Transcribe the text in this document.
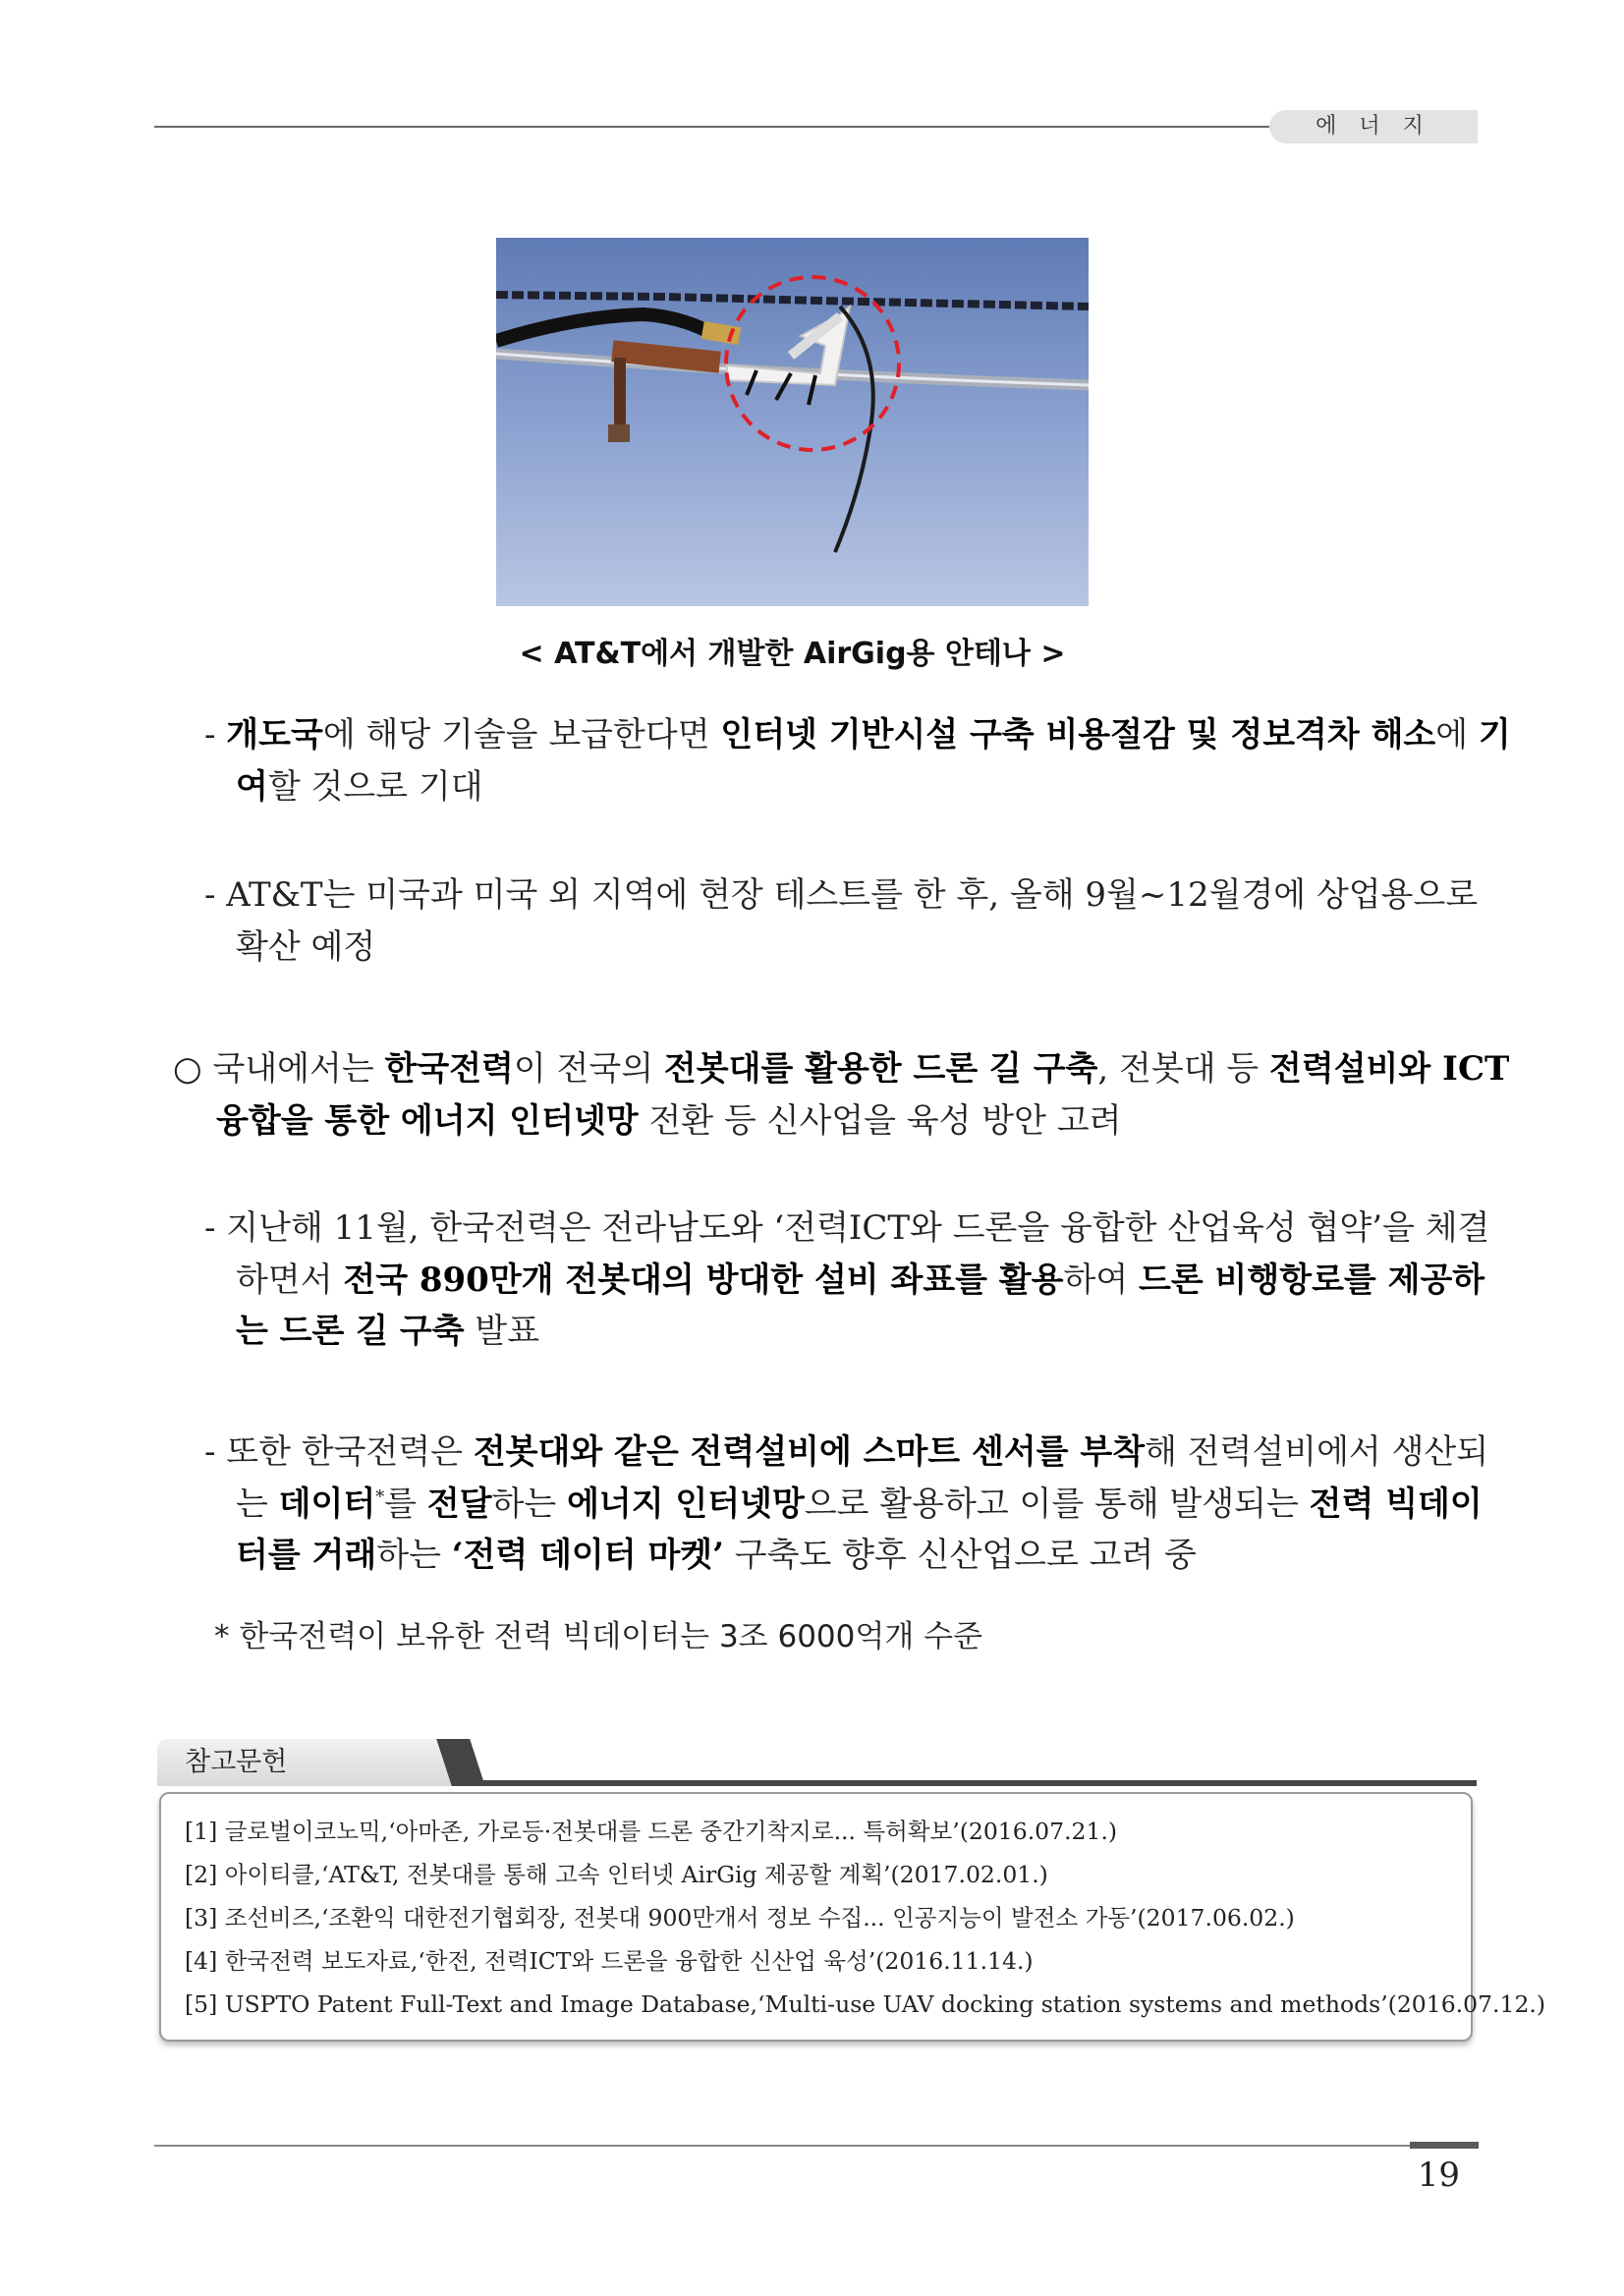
에 너 지
< AT&T에서 개발한 AirGig용 안테나 >
- 개도국에 해당 기술을 보급한다면 인터넷 기반시설 구축 비용절감 및 정보격차 해소에 기여할 것으로 기대
- AT&T는 미국과 미국 외 지역에 현장 테스트를 한 후, 올해 9월~12월경에 상업용으로 확산 예정
○ 국내에서는 한국전력이 전국의 전봇대를 활용한 드론 길 구축, 전봇대 등 전력설비와 ICT융합을 통한 에너지 인터넷망 전환 등 신사업을 육성 방안 고려
- 지난해 11월, 한국전력은 전라남도와 ‘전력ICT와 드론을 융합한 산업육성 협약’을 체결하면서 전국 890만개 전봇대의 방대한 설비 좌표를 활용하여 드론 비행항로를 제공하는 드론 길 구축 발표
- 또한 한국전력은 전봇대와 같은 전력설비에 스마트 센서를 부착해 전력설비에서 생산되는 데이터*를 전달하는 에너지 인터넷망으로 활용하고 이를 통해 발생되는 전력 빅데이터를 거래하는 ‘전력 데이터 마켓’ 구축도 향후 신산업으로 고려 중
* 한국전력이 보유한 전력 빅데이터는 3조 6000억개 수준
참고문헌
[1] 글로벌이코노믹,‘아마존, 가로등·전봇대를 드론 중간기착지로... 특허확보’(2016.07.21.)
[2] 아이티클,‘AT&T, 전봇대를 통해 고속 인터넷 AirGig 제공할 계획’(2017.02.01.)
[3] 조선비즈,‘조환익 대한전기협회장, 전봇대 900만개서 정보 수집... 인공지능이 발전소 가동’(2017.06.02.)
[4] 한국전력 보도자료,‘한전, 전력ICT와 드론을 융합한 신산업 육성’(2016.11.14.)
[5] USPTO Patent Full-Text and Image Database,‘Multi-use UAV docking station systems and methods’(2016.07.12.)
19
